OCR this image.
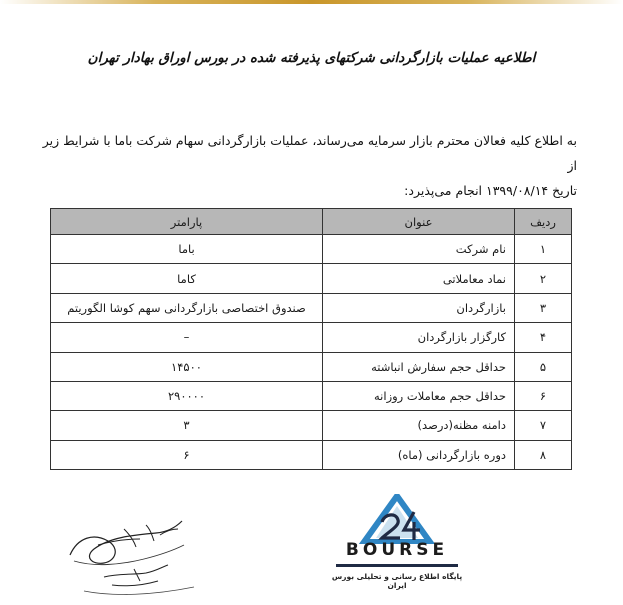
اطلاعیه عملیات بازارگردانی شرکتهای پذیرفته شده در بورس اوراق بهادار تهران
به اطلاع کلیه فعالان محترم بازار سرمایه می‌رساند، عملیات بازارگردانی سهام شرکت باما با شرایط زیر از
تاریخ ۱۳۹۹/۰۸/۱۴ انجام می‌پذیرد:
ردیف	عنوان	پارامتر
۱	نام شرکت	باما
۲	نماد معاملاتی	کاما
۳	بازارگردان	صندوق اختصاصی بازارگردانی سهم کوشا الگوریتم
۴	کارگزار بازارگردان	–
۵	حداقل حجم سفارش انباشته	۱۴۵۰۰
۶	حداقل حجم معاملات روزانه	۲۹۰۰۰۰
۷	دامنه مظنه(درصد)	۳
۸	دوره بازارگردانی (ماه)	۶
BOURSE
پایگاه اطلاع رسانی و تحلیلی بورس ایران
